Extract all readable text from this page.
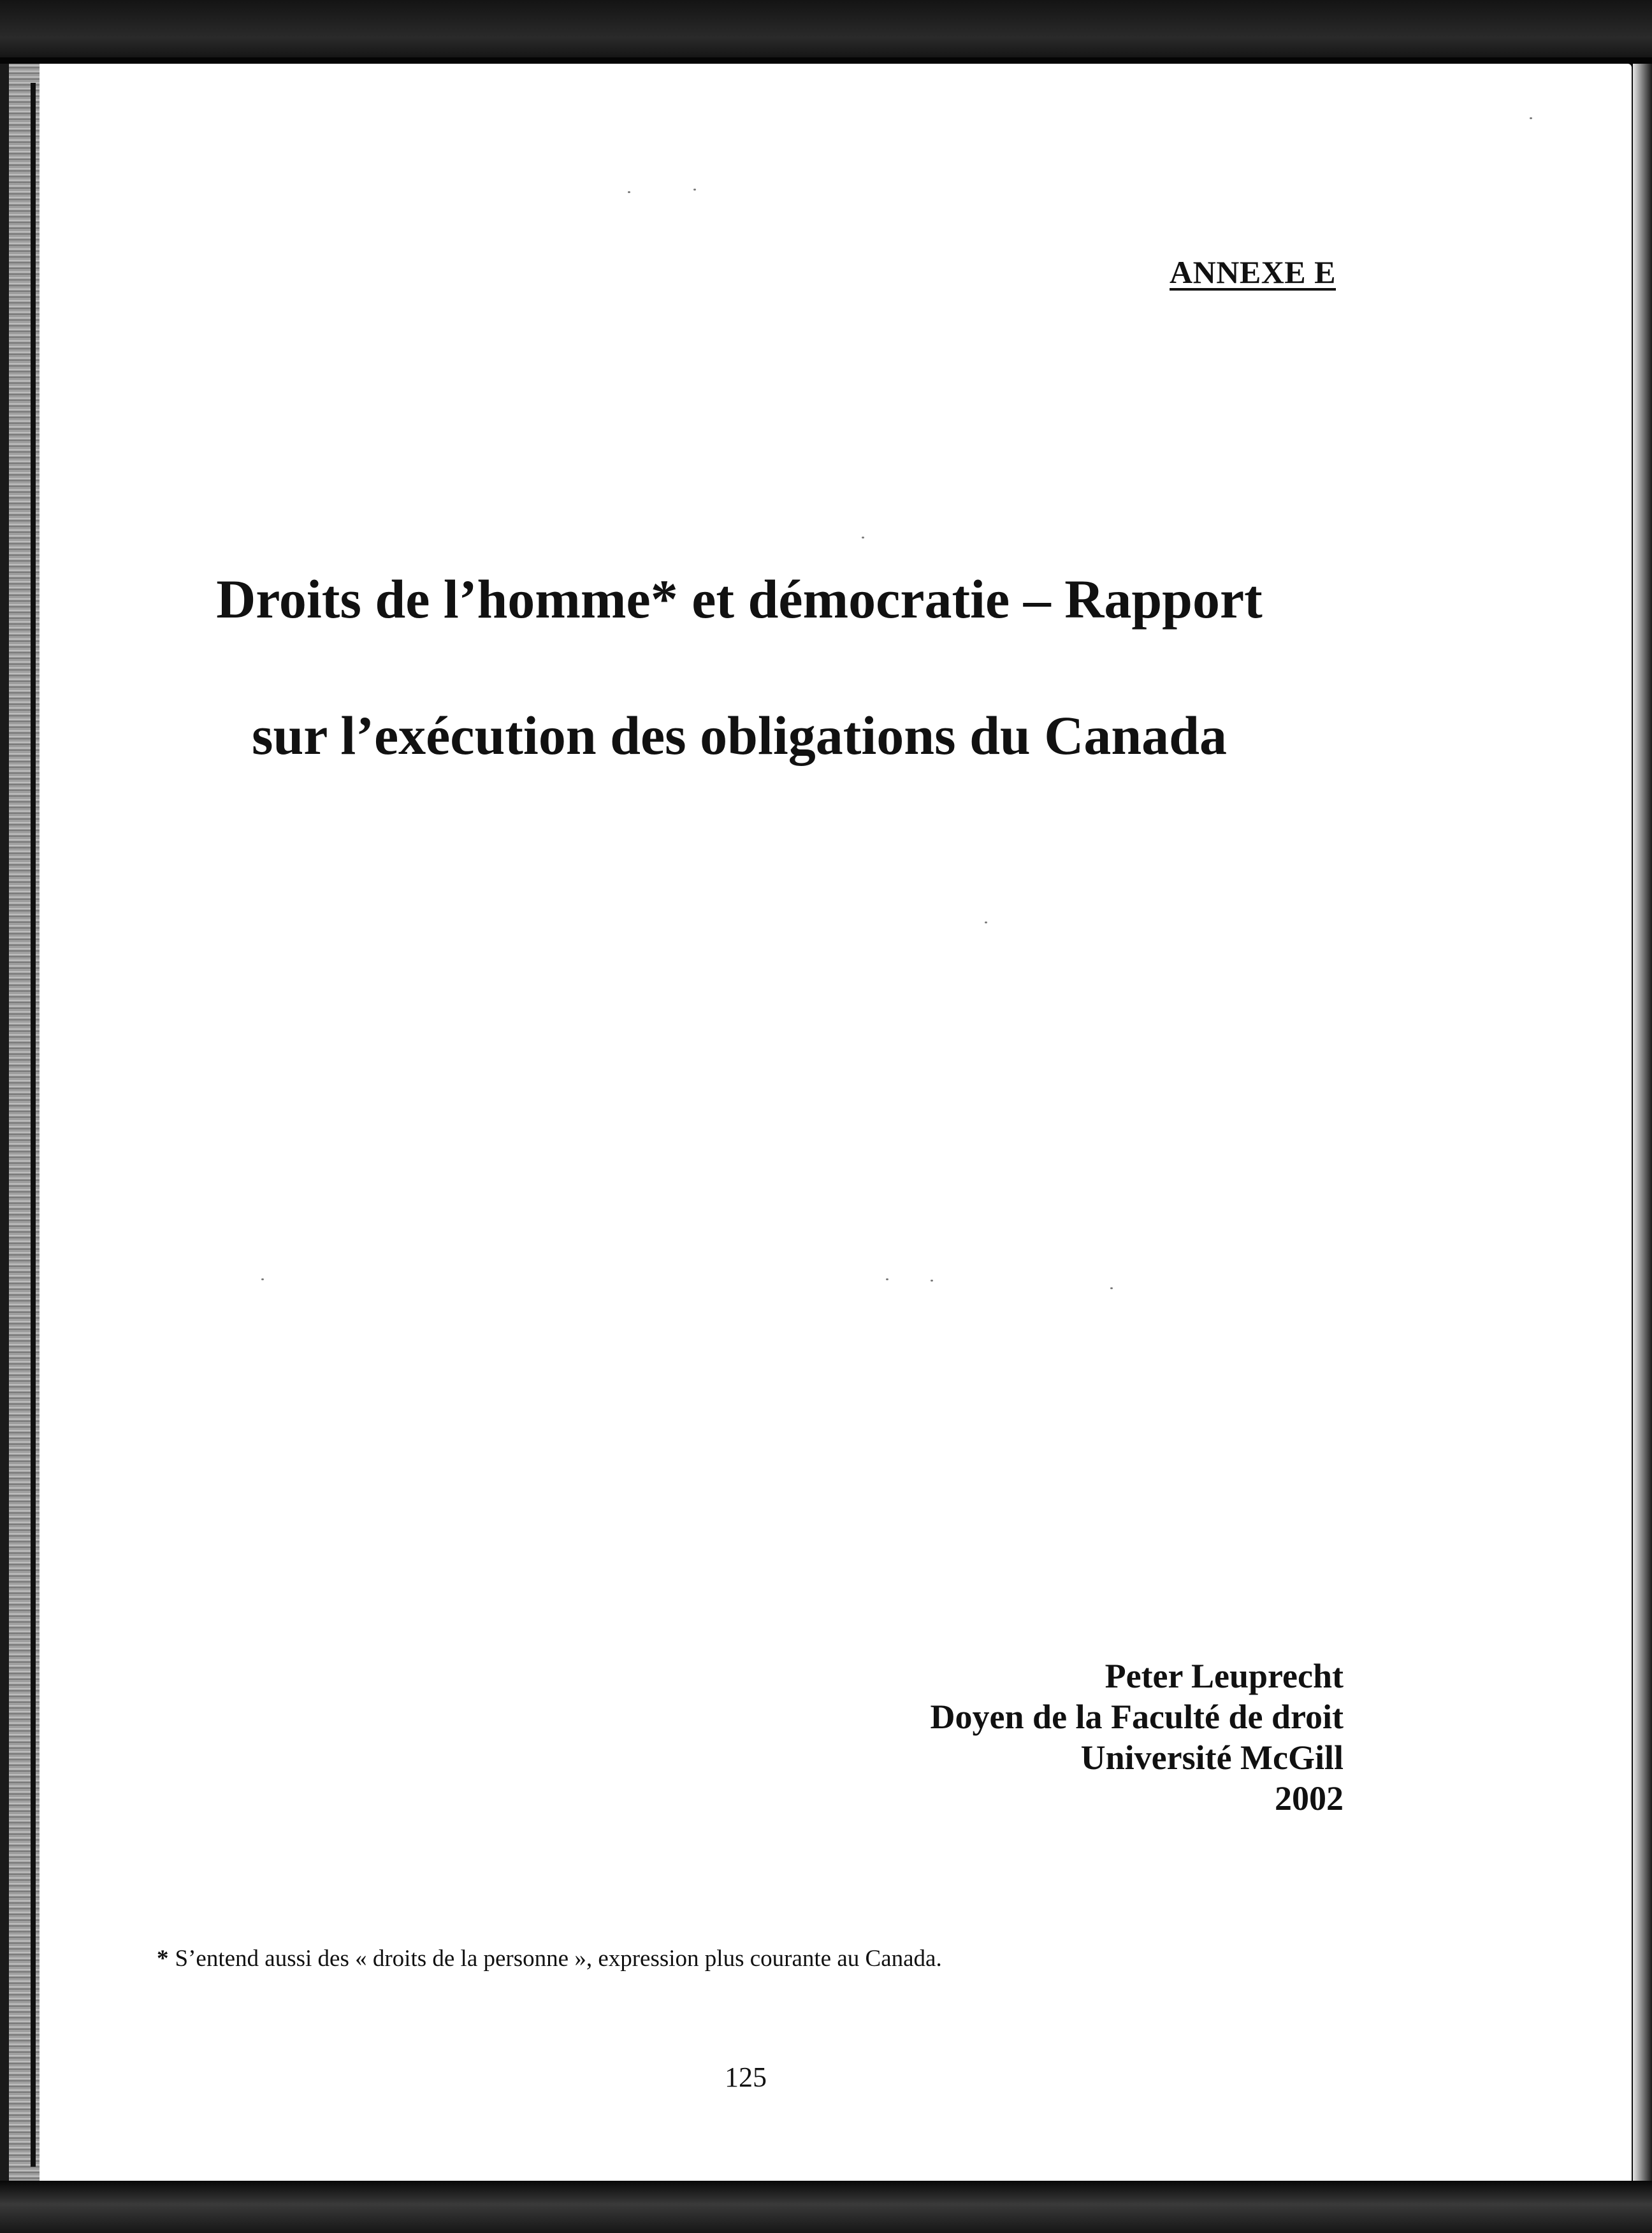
ANNEXE E
Droits de l’homme* et démocratie – Rapport
sur l’exécution des obligations du Canada
Peter Leuprecht
Doyen de la Faculté de droit
Université McGill
2002
* S’entend aussi des « droits de la personne », expression plus courante au Canada.
125
